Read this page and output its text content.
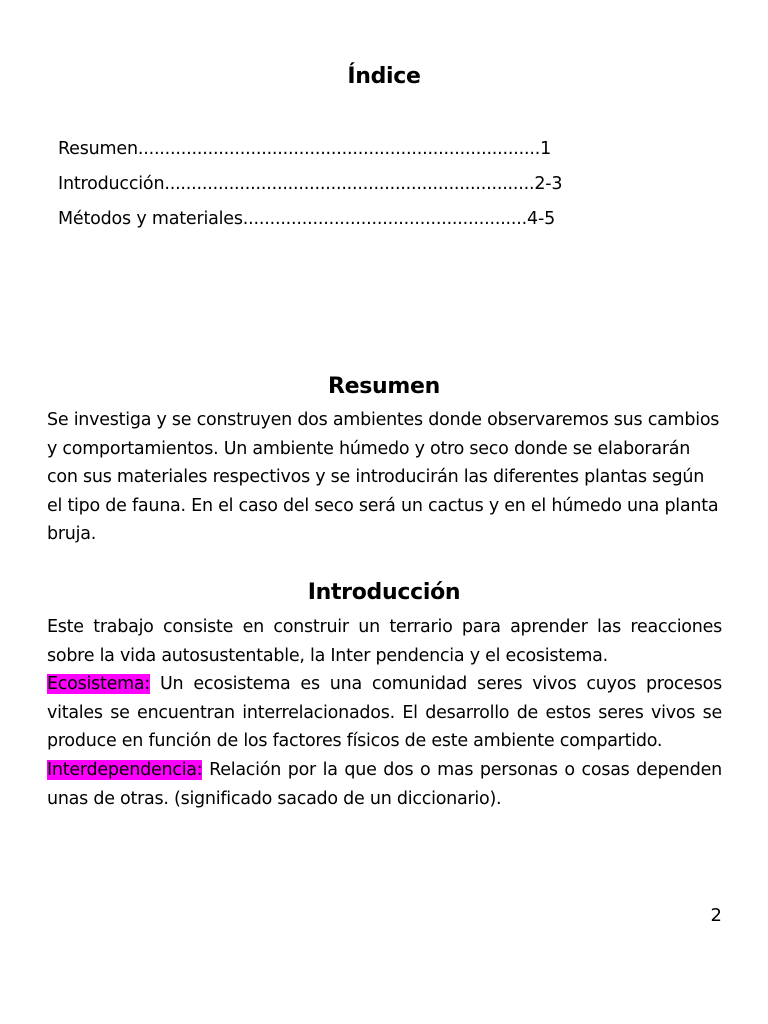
Índice
Resumen...........................................................................1
Introducción.....................................................................2-3
Métodos y materiales.....................................................4-5
Resumen
Se investiga y se construyen dos ambientes donde observaremos sus cambios y comportamientos. Un ambiente húmedo y otro seco donde se elaborarán con sus materiales respectivos y se introducirán las diferentes plantas según el tipo de fauna. En el caso del seco será un cactus y en el húmedo una planta bruja.
Introducción
Este trabajo consiste en construir un terrario para aprender las reacciones sobre la vida autosustentable, la Inter pendencia y el ecosistema.
Ecosistema: Un ecosistema es una comunidad seres vivos cuyos procesos vitales se encuentran interrelacionados. El desarrollo de estos seres vivos se produce en función de los factores físicos de este ambiente compartido.
Interdependencia: Relación por la que dos o mas personas o cosas dependen unas de otras. (significado sacado de un diccionario).
2
